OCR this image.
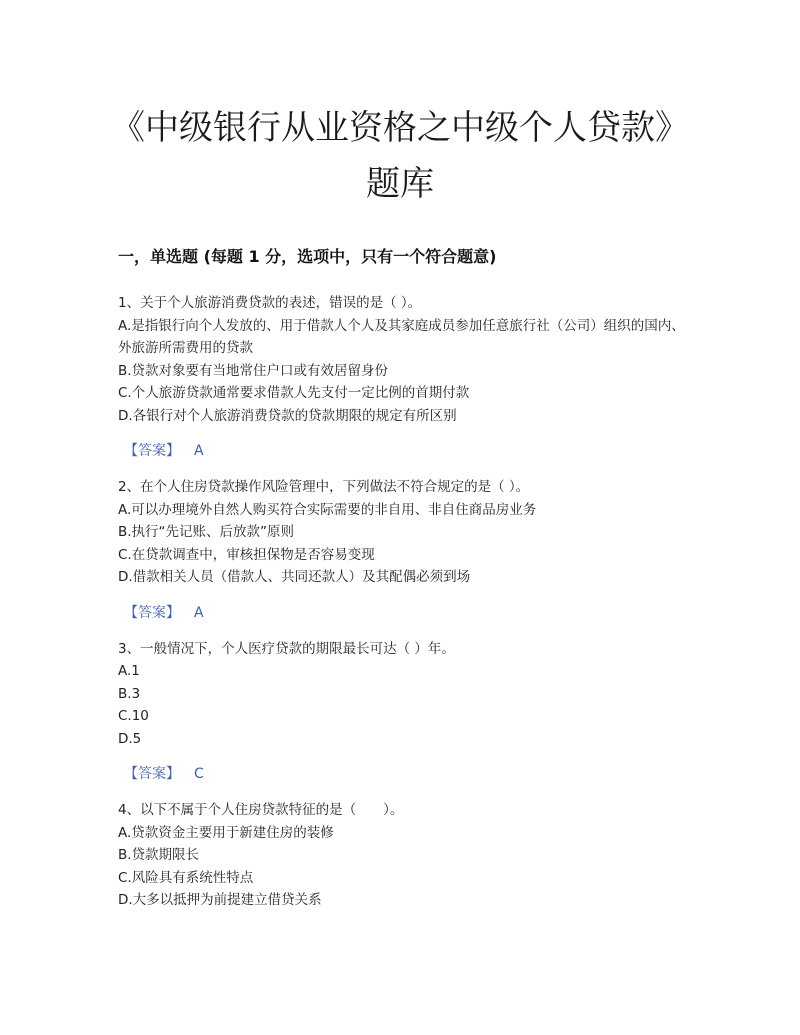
《中级银行从业资格之中级个人贷款》题库
一，单选题 (每题 1 分，选项中，只有一个符合题意)
1、关于个人旅游消费贷款的表述，错误的是（ ）。
A.是指银行向个人发放的、用于借款人个人及其家庭成员参加任意旅行社（公司）组织的国内、外旅游所需费用的贷款
B.贷款对象要有当地常住户口或有效居留身份
C.个人旅游贷款通常要求借款人先支付一定比例的首期付款
D.各银行对个人旅游消费贷款的贷款期限的规定有所区别
【答案】 A
2、在个人住房贷款操作风险管理中，下列做法不符合规定的是（ ）。
A.可以办理境外自然人购买符合实际需要的非自用、非自住商品房业务
B.执行“先记账、后放款”原则
C.在贷款调查中，审核担保物是否容易变现
D.借款相关人员（借款人、共同还款人）及其配偶必须到场
【答案】 A
3、一般情况下，个人医疗贷款的期限最长可达（ ）年。
A.1
B.3
C.10
D.5
【答案】 C
4、以下不属于个人住房贷款特征的是（　　）。
A.贷款资金主要用于新建住房的装修
B.贷款期限长
C.风险具有系统性特点
D.大多以抵押为前提建立借贷关系
